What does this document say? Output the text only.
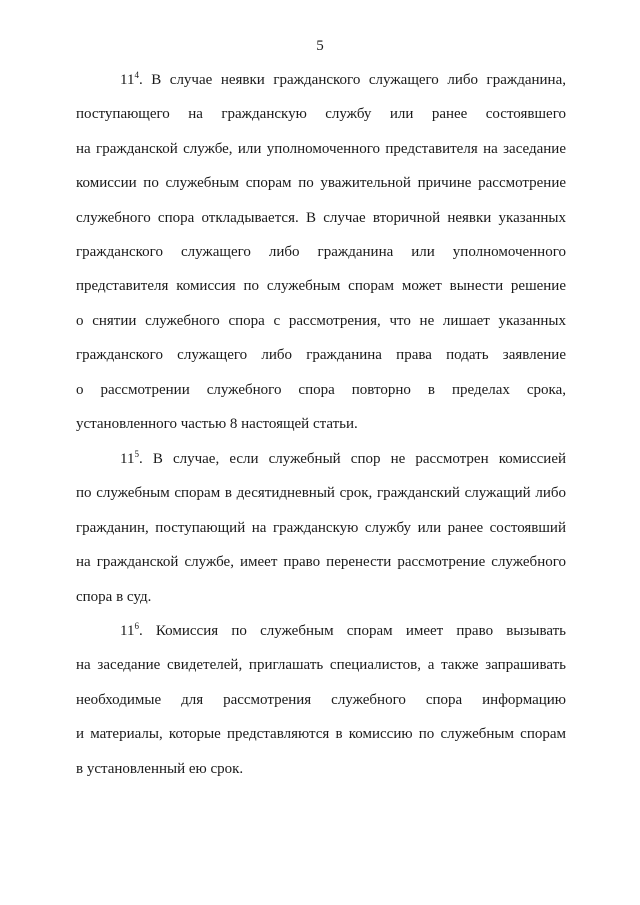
5
$11^4$. В случае неявки гражданского служащего либо гражданина,
поступающего на гражданскую службу или ранее состоявшего
на гражданской службе, или уполномоченного представителя на заседание
комиссии по служебным спорам по уважительной причине рассмотрение
служебного спора откладывается. В случае вторичной неявки указанных
гражданского служащего либо гражданина или уполномоченного
представителя комиссия по служебным спорам может вынести решение
о снятии служебного спора с рассмотрения, что не лишает указанных
гражданского служащего либо гражданина права подать заявление
о рассмотрении служебного спора повторно в пределах срока,
установленного частью 8 настоящей статьи.
$11^5$. В случае, если служебный спор не рассмотрен комиссией
по служебным спорам в десятидневный срок, гражданский служащий либо
гражданин, поступающий на гражданскую службу или ранее состоявший
на гражданской службе, имеет право перенести рассмотрение служебного
спора в суд.
$11^6$. Комиссия по служебным спорам имеет право вызывать
на заседание свидетелей, приглашать специалистов, а также запрашивать
необходимые для рассмотрения служебного спора информацию
и материалы, которые представляются в комиссию по служебным спорам
в установленный ею срок.
